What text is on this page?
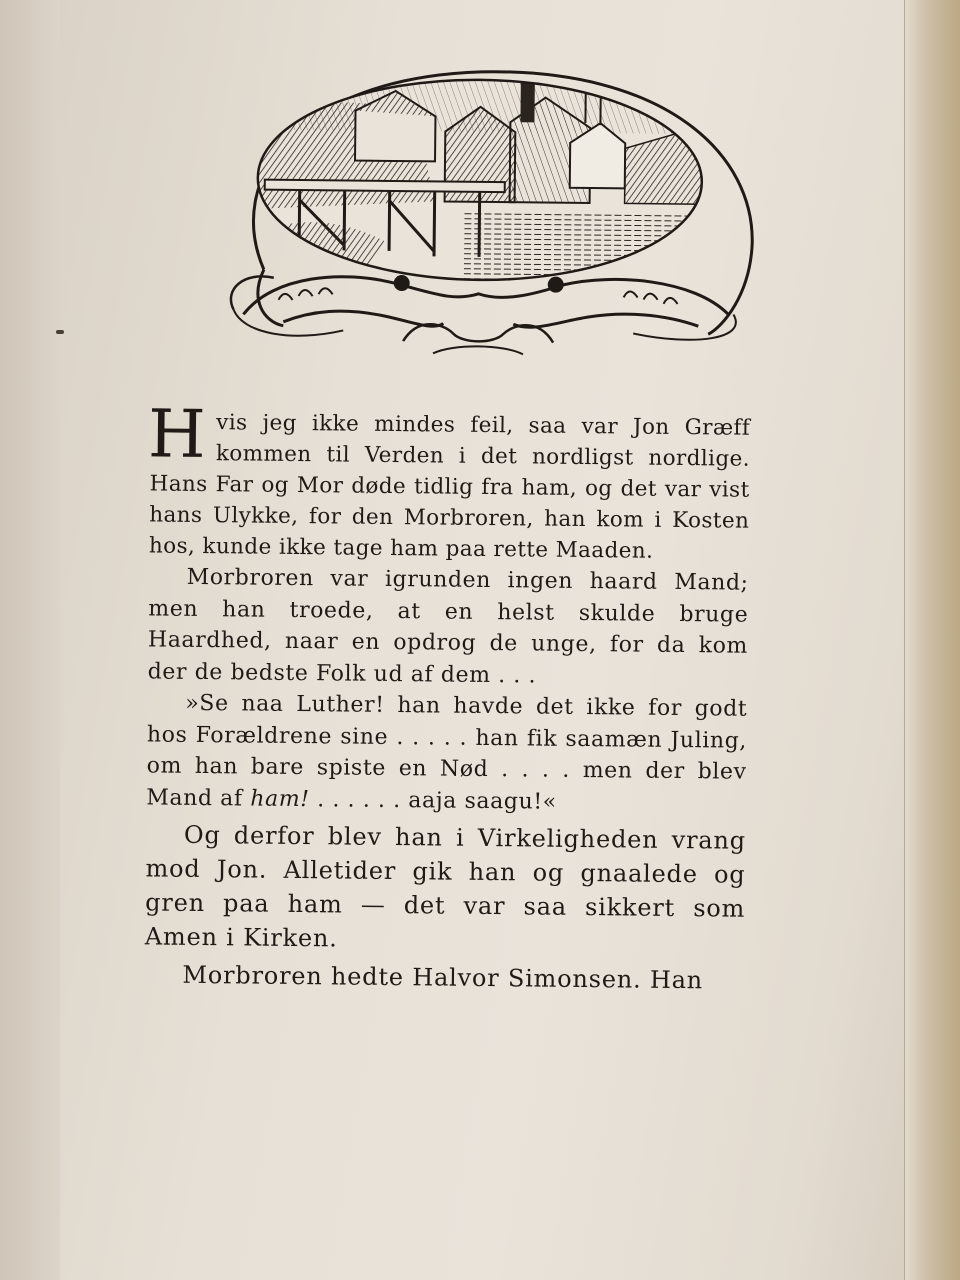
Hvis jeg ikke mindes feil, saa var Jon Græff kommen til Verden i det nordligst nordlige. Hans Far og Mor døde tidlig fra ham, og det var vist hans Ulykke, for den Morbroren, han kom i Kosten hos, kunde ikke tage ham paa rette Maaden.

Morbroren var igrunden ingen haard Mand; men han troede, at en helst skulde bruge Haardhed, naar en opdrog de unge, for da kom der de bedste Folk ud af dem . . .

»Se naa Luther! han havde det ikke for godt hos Forældrene sine . . . . . han fik saamæn Juling, om han bare spiste en Nød . . . . men der blev Mand af ham! . . . . . . aaja saagu!«

Og derfor blev han i Virkeligheden vrang mod Jon. Alletider gik han og gnaalede og gren paa ham — det var saa sikkert som Amen i Kirken.

Morbroren hedte Halvor Simonsen. Han
